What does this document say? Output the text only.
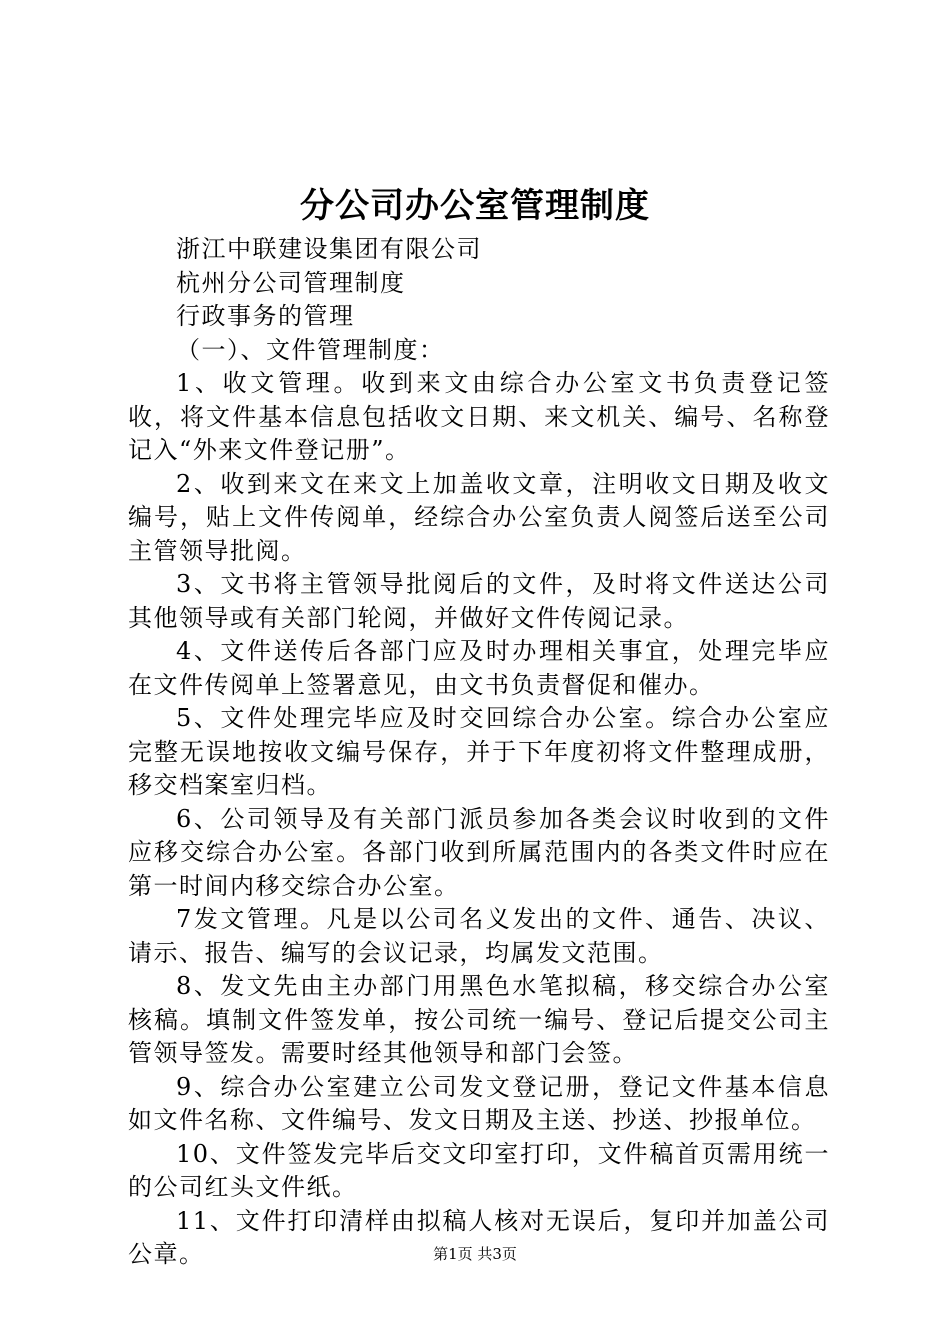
分公司办公室管理制度

浙江中联建设集团有限公司

杭州分公司管理制度

行政事务的管理

（一）、文件管理制度：

1、收文管理。收到来文由综合办公室文书负责登记签收，将文件基本信息包括收文日期、来文机关、编号、名称登记入“外来文件登记册”。

2、收到来文在来文上加盖收文章，注明收文日期及收文编号，贴上文件传阅单，经综合办公室负责人阅签后送至公司主管领导批阅。

3、文书将主管领导批阅后的文件，及时将文件送达公司其他领导或有关部门轮阅，并做好文件传阅记录。

4、文件送传后各部门应及时办理相关事宜，处理完毕应在文件传阅单上签署意见，由文书负责督促和催办。

5、文件处理完毕应及时交回综合办公室。综合办公室应完整无误地按收文编号保存，并于下年度初将文件整理成册，移交档案室归档。

6、公司领导及有关部门派员参加各类会议时收到的文件应移交综合办公室。各部门收到所属范围内的各类文件时应在第一时间内移交综合办公室。

7发文管理。凡是以公司名义发出的文件、通告、决议、请示、报告、编写的会议记录，均属发文范围。

8、发文先由主办部门用黑色水笔拟稿，移交综合办公室核稿。填制文件签发单，按公司统一编号、登记后提交公司主管领导签发。需要时经其他领导和部门会签。

9、综合办公室建立公司发文登记册，登记文件基本信息如文件名称、文件编号、发文日期及主送、抄送、抄报单位。

10、文件签发完毕后交文印室打印，文件稿首页需用统一的公司红头文件纸。

11、文件打印清样由拟稿人核对无误后，复印并加盖公司公章。	第1页 共3页
